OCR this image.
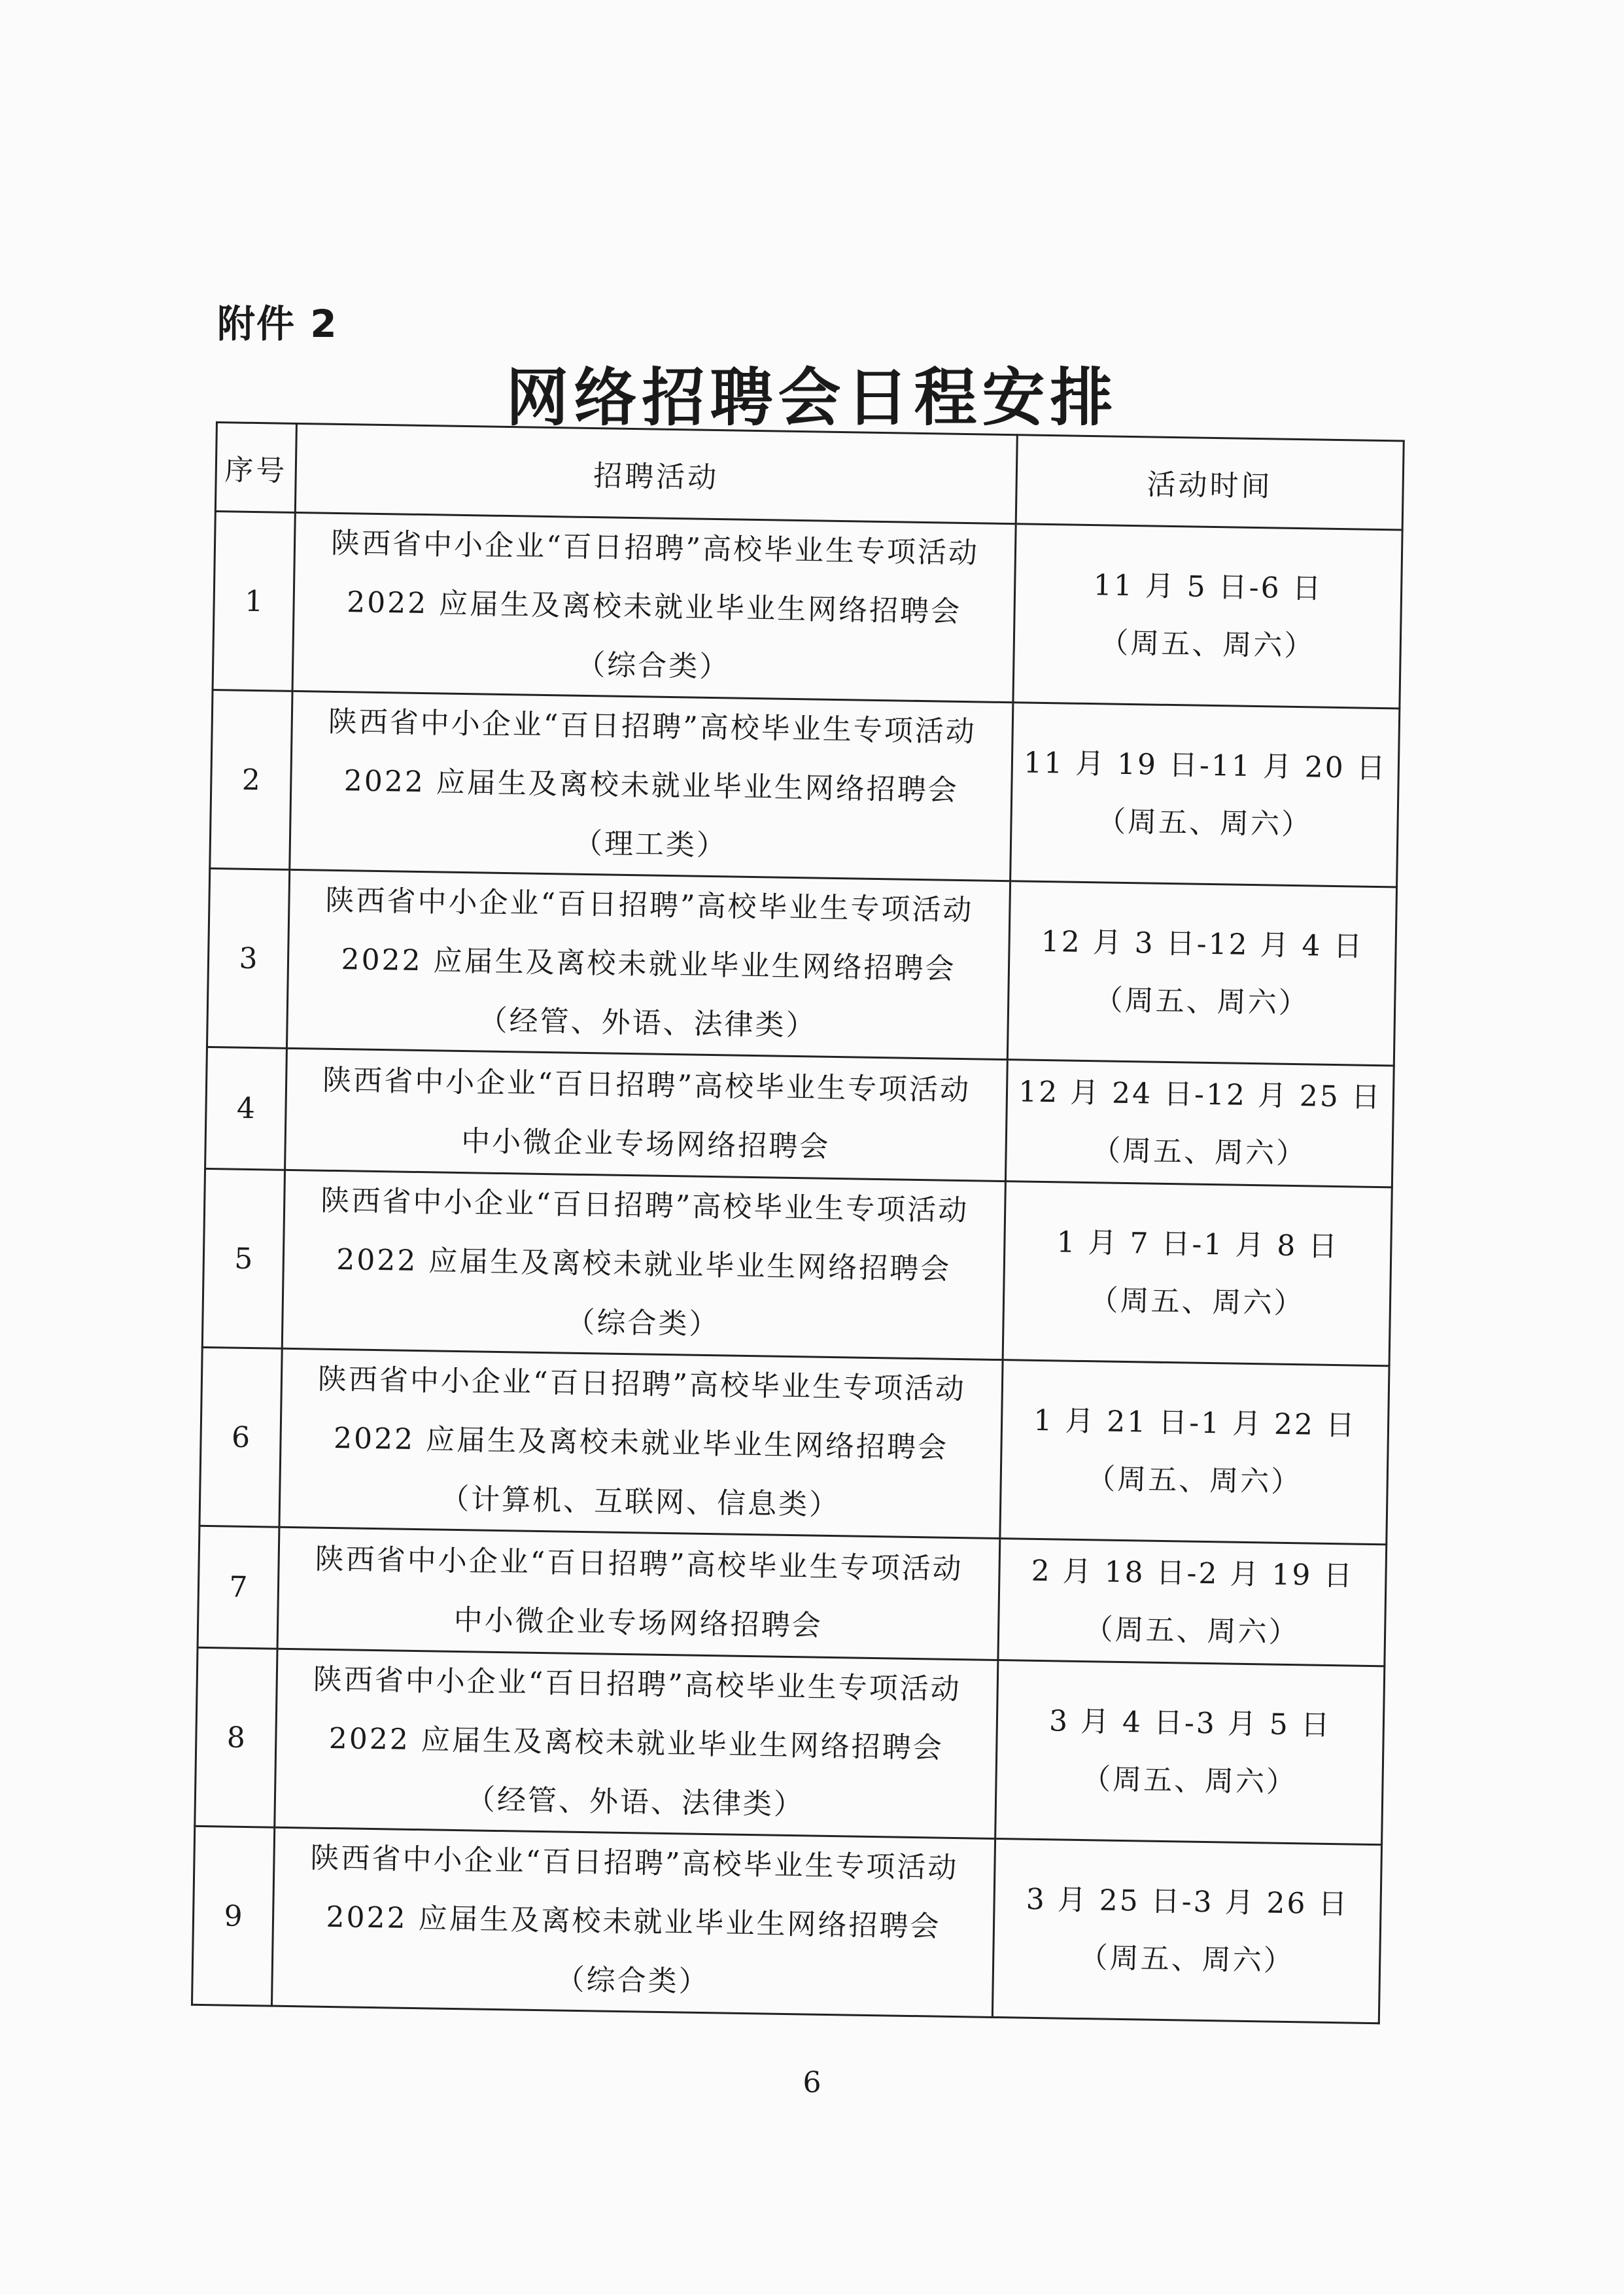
附件 2
网络招聘会日程安排
序号	招聘活动	活动时间
1	陕西省中小企业“百日招聘”高校毕业生专项活动
2022 应届生及离校未就业毕业生网络招聘会
（综合类）	11 月 5 日-6 日
（周五、周六）

2	陕西省中小企业“百日招聘”高校毕业生专项活动
2022 应届生及离校未就业毕业生网络招聘会
（理工类）	11 月 19 日-11 月 20 日
（周五、周六）

3	陕西省中小企业“百日招聘”高校毕业生专项活动
2022 应届生及离校未就业毕业生网络招聘会
（经管、外语、法律类）	12 月 3 日-12 月 4 日
（周五、周六）

4	陕西省中小企业“百日招聘”高校毕业生专项活动
中小微企业专场网络招聘会	12 月 24 日-12 月 25 日
（周五、周六）

5	陕西省中小企业“百日招聘”高校毕业生专项活动
2022 应届生及离校未就业毕业生网络招聘会
（综合类）	1 月 7 日-1 月 8 日
（周五、周六）

6	陕西省中小企业“百日招聘”高校毕业生专项活动
2022 应届生及离校未就业毕业生网络招聘会
（计算机、互联网、信息类）	1 月 21 日-1 月 22 日
（周五、周六）

7	陕西省中小企业“百日招聘”高校毕业生专项活动
中小微企业专场网络招聘会	2 月 18 日-2 月 19 日
（周五、周六）

8	陕西省中小企业“百日招聘”高校毕业生专项活动
2022 应届生及离校未就业毕业生网络招聘会
（经管、外语、法律类）	3 月 4 日-3 月 5 日
（周五、周六）

9	陕西省中小企业“百日招聘”高校毕业生专项活动
2022 应届生及离校未就业毕业生网络招聘会
（综合类）	3 月 25 日-3 月 26 日
（周五、周六）
6
